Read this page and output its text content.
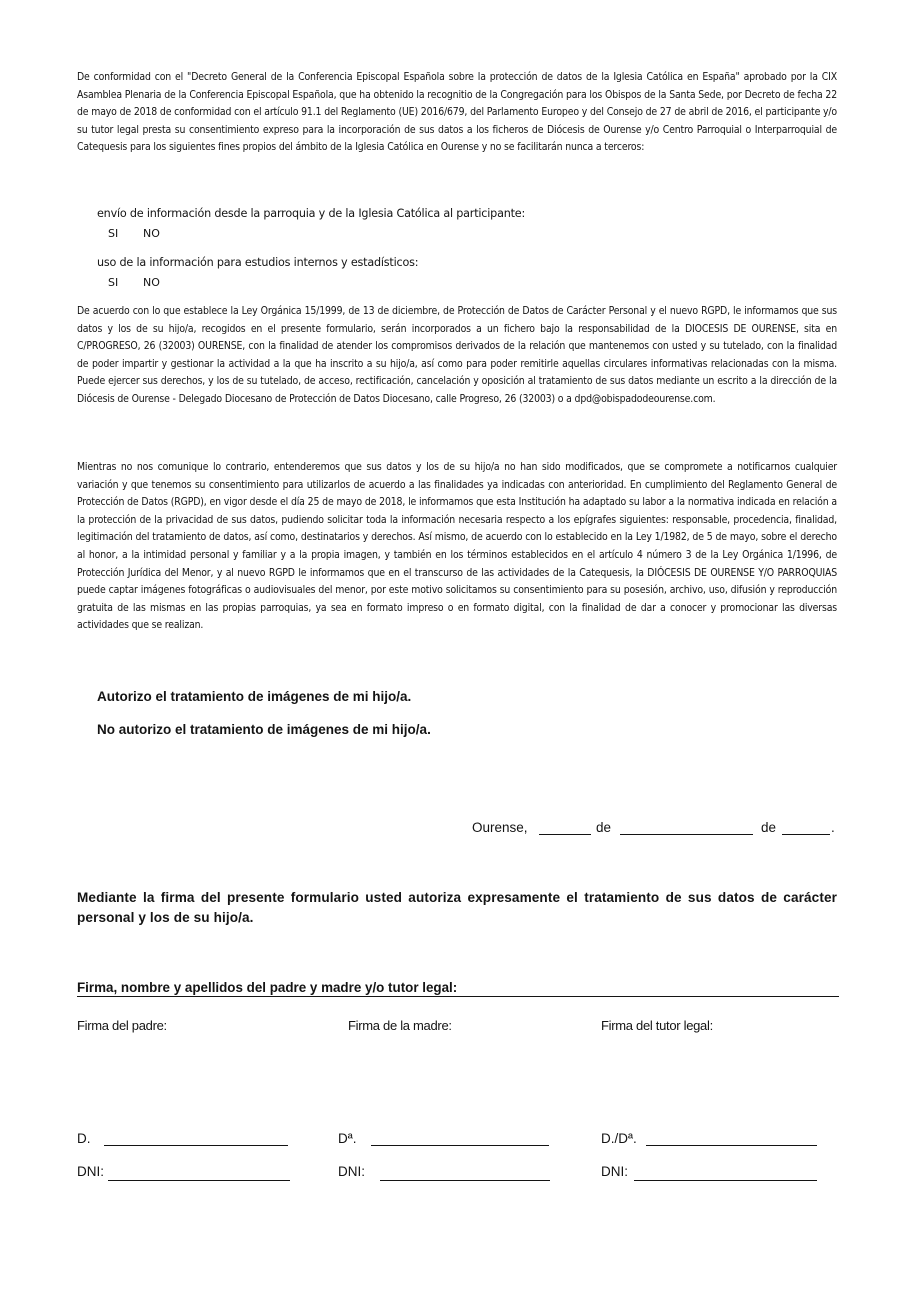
De conformidad con el "Decreto General de la Conferencia Episcopal Española sobre la protección de datos de la Iglesia Católica en España" aprobado por la CIX Asamblea Plenaria de la Conferencia Episcopal Española, que ha obtenido la recognitio de la Congregación para los Obispos de la Santa Sede, por Decreto de fecha 22 de mayo de 2018 de conformidad con el artículo 91.1 del Reglamento (UE) 2016/679, del Parlamento Europeo y del Consejo de 27 de abril de 2016, el participante y/o su tutor legal presta su consentimiento expreso para la incorporación de sus datos a los ficheros de Diócesis de Ourense y/o Centro Parroquial o Interparroquial de Catequesis para los siguientes fines propios del ámbito de la Iglesia Católica en Ourense y no se facilitarán nunca a terceros:
envío de información desde la parroquia y de la Iglesia Católica al participante:
SI NO
uso de la información para estudios internos y estadísticos:
SI NO
De acuerdo con lo que establece la Ley Orgánica 15/1999, de 13 de diciembre, de Protección de Datos de Carácter Personal y el nuevo RGPD, le informamos que sus datos y los de su hijo/a, recogidos en el presente formulario, serán incorporados a un fichero bajo la responsabilidad de la DIOCESIS DE OURENSE, sita en C/PROGRESO, 26 (32003) OURENSE, con la finalidad de atender los compromisos derivados de la relación que mantenemos con usted y su tutelado, con la finalidad de poder impartir y gestionar la actividad a la que ha inscrito a su hijo/a, así como para poder remitirle aquellas circulares informativas relacionadas con la misma. Puede ejercer sus derechos, y los de su tutelado, de acceso, rectificación, cancelación y oposición al tratamiento de sus datos mediante un escrito a la dirección de la Diócesis de Ourense - Delegado Diocesano de Protección de Datos Diocesano, calle Progreso, 26 (32003) o a dpd@obispadodeourense.com.
Mientras no nos comunique lo contrario, entenderemos que sus datos y los de su hijo/a no han sido modificados, que se compromete a notificarnos cualquier variación y que tenemos su consentimiento para utilizarlos de acuerdo a las finalidades ya indicadas con anterioridad. En cumplimiento del Reglamento General de Protección de Datos (RGPD), en vigor desde el día 25 de mayo de 2018, le informamos que esta Institución ha adaptado su labor a la normativa indicada en relación a la protección de la privacidad de sus datos, pudiendo solicitar toda la información necesaria respecto a los epígrafes siguientes: responsable, procedencia, finalidad, legitimación del tratamiento de datos, así como, destinatarios y derechos. Así mismo, de acuerdo con lo establecido en la Ley 1/1982, de 5 de mayo, sobre el derecho al honor, a la intimidad personal y familiar y a la propia imagen, y también en los términos establecidos en el artículo 4 número 3 de la Ley Orgánica 1/1996, de Protección Jurídica del Menor, y al nuevo RGPD le informamos que en el transcurso de las actividades de la Catequesis, la DIÓCESIS DE OURENSE Y/O PARROQUIAS puede captar imágenes fotográficas o audiovisuales del menor, por este motivo solicitamos su consentimiento para su posesión, archivo, uso, difusión y reproducción gratuita de las mismas en las propias parroquias, ya sea en formato impreso o en formato digital, con la finalidad de dar a conocer y promocionar las diversas actividades que se realizan.
Autorizo el tratamiento de imágenes de mi hijo/a.
No autorizo el tratamiento de imágenes de mi hijo/a.
Ourense,	de	de	.
Mediante la firma del presente formulario usted autoriza expresamente el tratamiento de sus datos de carácter personal y los de su hijo/a.
Firma, nombre y apellidos del padre y madre y/o tutor legal:
Firma del padre:	Firma de la madre:	Firma del tutor legal:
D.	Dª.	D./Dª.
DNI:	DNI:	DNI:
